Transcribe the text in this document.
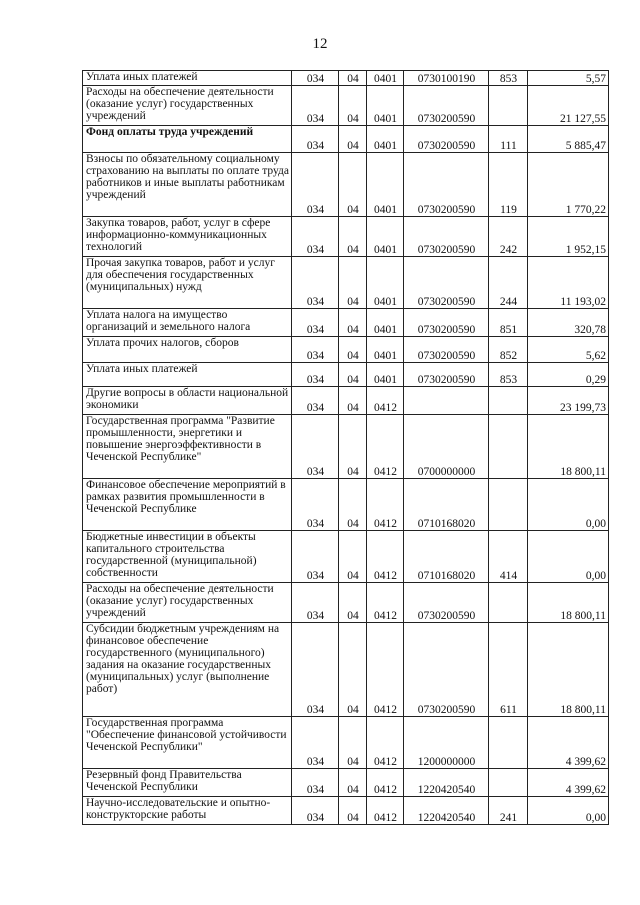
12
Уплата иных платежей	034	04	0401	0730100190	853	5,57
Расходы на обеспечение деятельности (оказание услуг) государственных учреждений	034	04	0401	0730200590		21 127,55
Фонд оплаты труда учреждений	034	04	0401	0730200590	111	5 885,47
Взносы по обязательному социальному страхованию на выплаты по оплате труда работников и иные выплаты работникам учреждений	034	04	0401	0730200590	119	1 770,22
Закупка товаров, работ, услуг в сфере информационно-коммуникационных технологий	034	04	0401	0730200590	242	1 952,15
Прочая закупка товаров, работ и услуг для обеспечения государственных (муниципальных) нужд	034	04	0401	0730200590	244	11 193,02
Уплата налога на имущество организаций и земельного налога	034	04	0401	0730200590	851	320,78
Уплата прочих налогов, сборов	034	04	0401	0730200590	852	5,62
Уплата иных платежей	034	04	0401	0730200590	853	0,29
Другие вопросы в области национальной экономики	034	04	0412			23 199,73
Государственная программа "Развитие промышленности, энергетики и повышение энергоэффективности в Чеченской Республике"	034	04	0412	0700000000		18 800,11
Финансовое обеспечение мероприятий в рамках развития промышленности в Чеченской Республике	034	04	0412	0710168020		0,00
Бюджетные инвестиции в объекты капитального строительства государственной (муниципальной) собственности	034	04	0412	0710168020	414	0,00
Расходы на обеспечение деятельности (оказание услуг) государственных учреждений	034	04	0412	0730200590		18 800,11
Субсидии бюджетным учреждениям на финансовое обеспечение государственного (муниципального) задания на оказание государственных (муниципальных) услуг (выполнение работ)	034	04	0412	0730200590	611	18 800,11
Государственная программа "Обеспечение финансовой устойчивости Чеченской Республики"	034	04	0412	1200000000		4 399,62
Резервный фонд Правительства Чеченской Республики	034	04	0412	1220420540		4 399,62
Научно-исследовательские и опытно-конструкторские работы	034	04	0412	1220420540	241	0,00
